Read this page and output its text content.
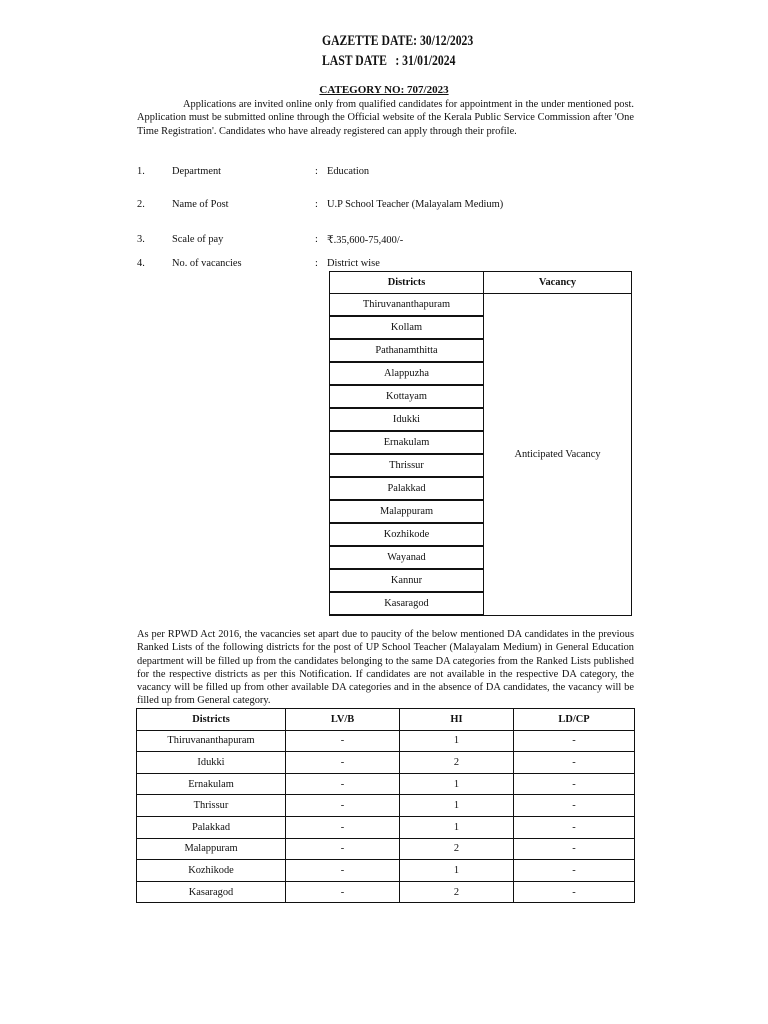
GAZETTE DATE: 30/12/2023
LAST DATE : 31/01/2024
CATEGORY NO: 707/2023

Applications are invited online only from qualified candidates for appointment in the under mentioned post. Application must be submitted online through the Official website of the Kerala Public Service Commission after 'One Time Registration'. Candidates who have already registered can apply through their profile.

1.	Department	: Education
2.	Name of Post	: U.P School Teacher (Malayalam Medium)
3.	Scale of pay	: ₹.35,600-75,400/-
4.	No. of vacancies	: District wise
Districts	Vacancy
Thiruvananthapuram	Anticipated Vacancy
Kollam	
Pathanamthitta	
Alappuzha	
Kottayam	
Idukki	
Ernakulam	
Thrissur	
Palakkad	
Malappuram	
Kozhikode	
Wayanad	
Kannur	
Kasaragod	

As per RPWD Act 2016, the vacancies set apart due to paucity of the below mentioned DA candidates in the previous Ranked Lists of the following districts for the post of UP School Teacher (Malayalam Medium) in General Education department will be filled up from the candidates belonging to the same DA categories from the Ranked Lists published for the respective districts as per this Notification. If candidates are not available in the respective DA category, the vacancy will be filled up from other available DA categories and in the absence of DA candidates, the vacancy will be filled up from General category.

Districts	LV/B	HI	LD/CP
Thiruvananthapuram	-	1	-
Idukki	-	2	-
Ernakulam	-	1	-
Thrissur	-	1	-
Palakkad	-	1	-
Malappuram	-	2	-
Kozhikode	-	1	-
Kasaragod	-	2	-
